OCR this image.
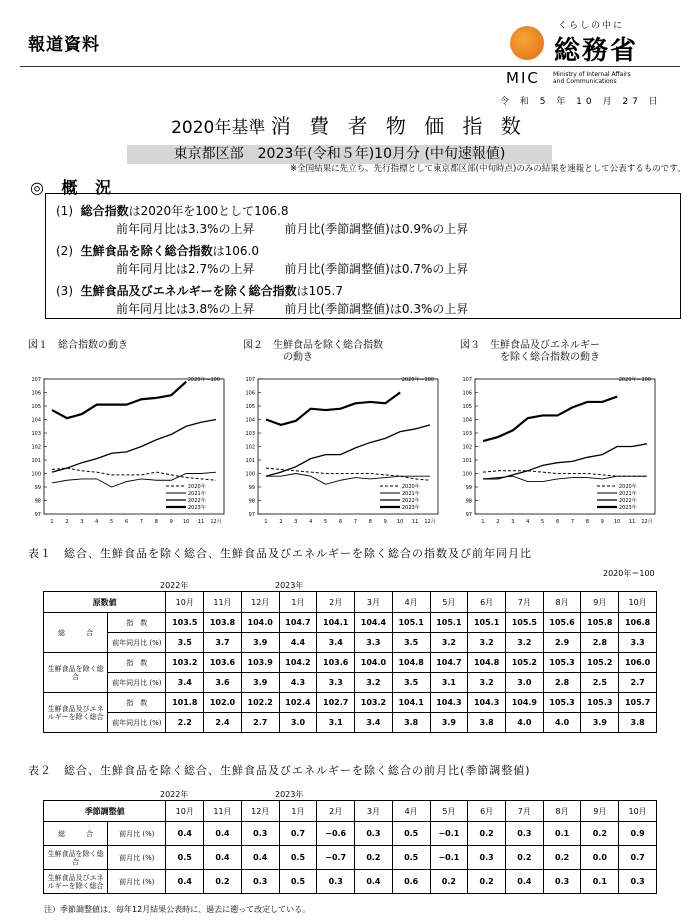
報道資料
くらしの中に
総務省
MIC Ministry of Internal Affairs
and Communications
令 和 5 年 10 月 27 日
2020年基準 消 費 者 物 価 指 数
東京都区部　2023年(令和５年)10月分 (中旬速報値)
※全国結果に先立ち、先行指標として東京都区部(中旬時点)のみの結果を速報として公表するものです。
◎ 概 況
(1) 総合指数は2020年を100として106.8
前年同月比は3.3%の上昇	前月比(季節調整値)は0.9%の上昇
(2) 生鮮食品を除く総合指数は106.0
前年同月比は2.7%の上昇	前月比(季節調整値)は0.7%の上昇
(3) 生鮮食品及びエネルギーを除く総合指数は105.7
前年同月比は3.8%の上昇	前月比(季節調整値)は0.3%の上昇
図１　総合指数の動き	図２　生鮮食品を除く総合指数
の動き
図３　生鮮食品及びエネルギー
を除く総合指数の動き
97
98
99
100
101
102
103
104
105
106
107
1 2 3 4 5 6 7 8 9 10 11 12月
2020年＝100
2020年
2021年
2022年
2023年
97
98
99
100
101
102
103
104
105
106
107
1 2 3 4 5 6 7 8 9 10 11 12月
2020年＝100
2020年
2021年
2022年
2023年
97
98
99
100
101
102
103
104
105
106
107
1 2 3 4 5 6 7 8 9 10 11 12月
2020年＝100
2020年
2021年
2022年
2023年
表１　総合、生鮮食品を除く総合、生鮮食品及びエネルギーを除く総合の指数及び前年同月比
2020年＝100
2022年	2023年
原数値		10月	11月	12月	1月	2月	3月	4月	5月	6月	7月	8月	9月	10月
総　　　合	指　数	103.5	103.8	104.0	104.7	104.1	104.4	105.1	105.1	105.1	105.5	105.6	105.8	106.8
	前年同月比 (%)	3.5	3.7	3.9	4.4	3.4	3.3	3.5	3.2	3.2	3.2	2.9	2.8	3.3
生鮮食品を除く総合	指　数	103.2	103.6	103.9	104.2	103.6	104.0	104.8	104.7	104.8	105.2	105.3	105.2	106.0
	前年同月比 (%)	3.4	3.6	3.9	4.3	3.3	3.2	3.5	3.1	3.2	3.0	2.8	2.5	2.7
生鮮食品及びエネルギーを除く総合	指　数	101.8	102.0	102.2	102.4	102.7	103.2	104.1	104.3	104.3	104.9	105.3	105.3	105.7
	前年同月比 (%)	2.2	2.4	2.7	3.0	3.1	3.4	3.8	3.9	3.8	4.0	4.0	3.9	3.8
表２　総合、生鮮食品を除く総合、生鮮食品及びエネルギーを除く総合の前月比(季節調整値)
2022年	2023年
季節調整値		10月	11月	12月	1月	2月	3月	4月	5月	6月	7月	8月	9月	10月
総　　　合	前月比 (%)	0.4	0.4	0.3	0.7	−0.6	0.3	0.5	−0.1	0.2	0.3	0.1	0.2	0.9
生鮮食品を除く総合	前月比 (%)	0.5	0.4	0.4	0.5	−0.7	0.2	0.5	−0.1	0.3	0.2	0.2	0.0	0.7
生鮮食品及びエネルギーを除く総合	前月比 (%)	0.4	0.2	0.3	0.5	0.3	0.4	0.6	0.2	0.2	0.4	0.3	0.1	0.3
注）季節調整値は、毎年12月結果公表時に、過去に遡って改定している。
